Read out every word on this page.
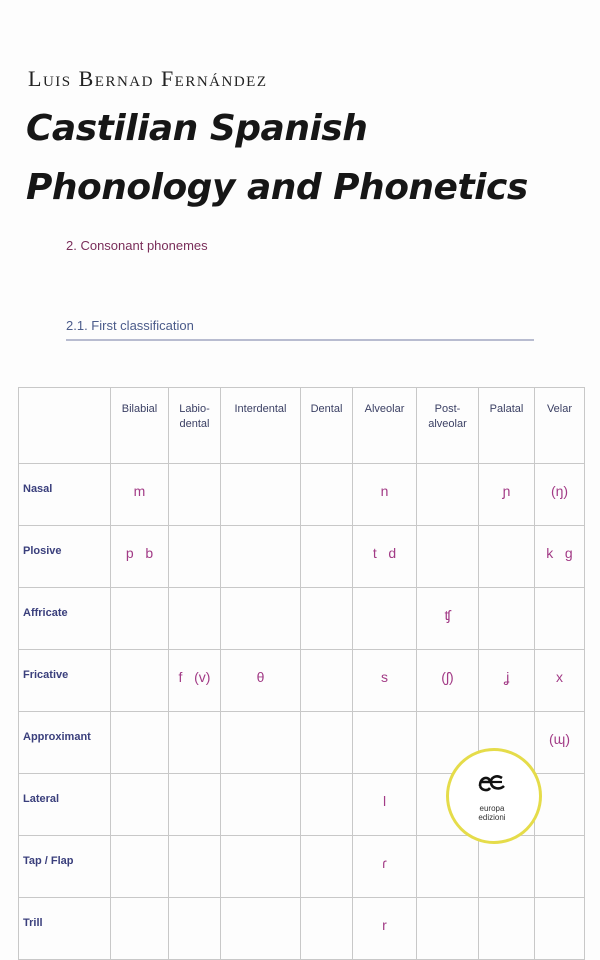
Luis Bernad Fernández
Castilian Spanish
Phonology and Phonetics
2. Consonant phonemes
2.1. First classification
	Bilabial	Labio-
dental	Interdental	Dental	Alveolar	Post-
alveolar	Palatal	Velar
Nasal	m				n		ɲ	(ŋ)
Plosive	p   b				t   d			k   g
Affricate						ʧ		
Fricative		f   (v)	θ		s	(ʃ)	ʝ	x
Approximant								(ɰ)
Lateral					l			
Tap / Flap					ɾ			
Trill					r			
europa
edizioni
